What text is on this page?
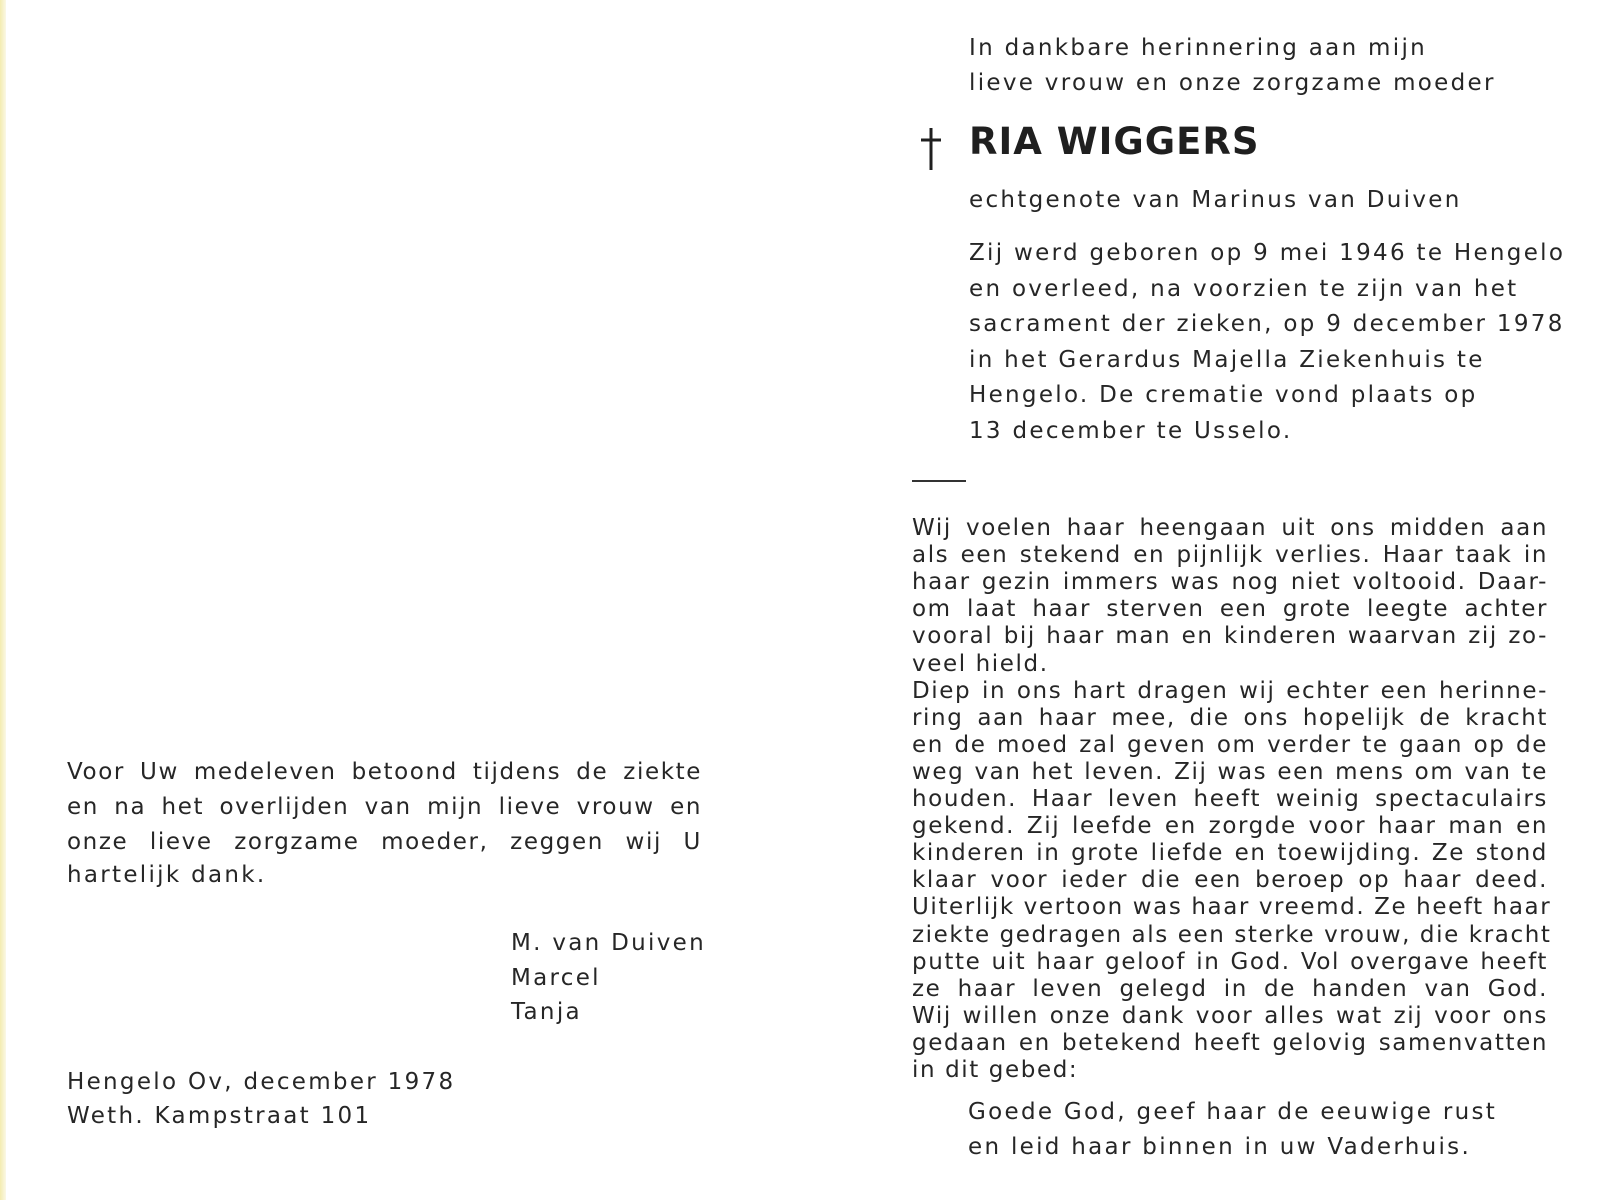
Voor Uw medeleven betoond tijdens de ziekte
en na het overlijden van mijn lieve vrouw en
onze lieve zorgzame moeder, zeggen wij U
hartelijk dank.
M. van Duiven
Marcel
Tanja
Hengelo Ov, december 1978
Weth. Kampstraat 101
In dankbare herinnering aan mijn
lieve vrouw en onze zorgzame moeder
RIA WIGGERS
echtgenote van Marinus van Duiven
Zij werd geboren op 9 mei 1946 te Hengelo
en overleed, na voorzien te zijn van het
sacrament der zieken, op 9 december 1978
in het Gerardus Majella Ziekenhuis te
Hengelo. De crematie vond plaats op
13 december te Usselo.
Wij voelen haar heengaan uit ons midden aan
als een stekend en pijnlijk verlies. Haar taak in
haar gezin immers was nog niet voltooid. Daar-
om laat haar sterven een grote leegte achter
vooral bij haar man en kinderen waarvan zij zo-
veel hield.
Diep in ons hart dragen wij echter een herinne-
ring aan haar mee, die ons hopelijk de kracht
en de moed zal geven om verder te gaan op de
weg van het leven. Zij was een mens om van te
houden. Haar leven heeft weinig spectaculairs
gekend. Zij leefde en zorgde voor haar man en
kinderen in grote liefde en toewijding. Ze stond
klaar voor ieder die een beroep op haar deed.
Uiterlijk vertoon was haar vreemd. Ze heeft haar
ziekte gedragen als een sterke vrouw, die kracht
putte uit haar geloof in God. Vol overgave heeft
ze haar leven gelegd in de handen van God.
Wij willen onze dank voor alles wat zij voor ons
gedaan en betekend heeft gelovig samenvatten
in dit gebed:
Goede God, geef haar de eeuwige rust
en leid haar binnen in uw Vaderhuis.
